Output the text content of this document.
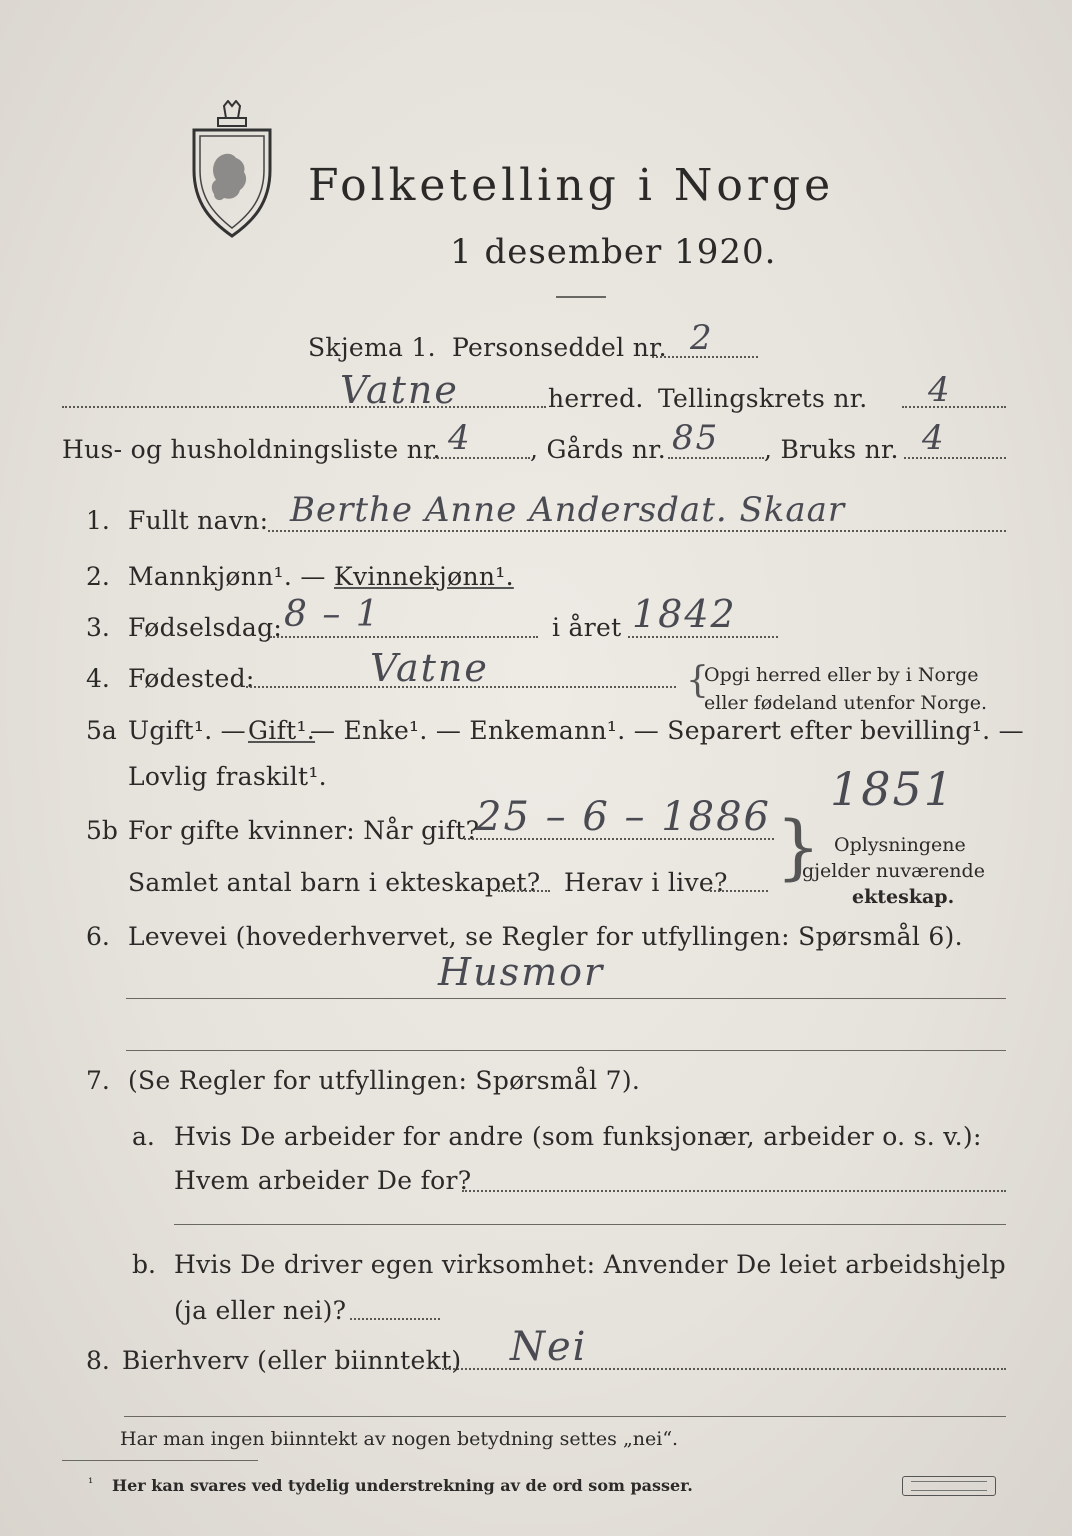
Folketelling i Norge
1 desember 1920.
Skjema 1. Personseddel nr. 2
Vatne	herred. Tellingskrets nr. 4
Hus- og husholdningsliste nr. 4 , Gårds nr. 85 , Bruks nr. 4
1. Fullt navn: Berthe Anne Andersdat. Skaar
2. Mannkjønn¹. — Kvinnekjønn¹.
3. Fødselsdag: 8 – 1	i året 1842
4. Fødested:	Vatne	{
Opgi herred eller by i Norge
eller fødeland utenfor Norge.
5a Ugift¹. — Gift¹.
— Enke¹. — Enkemann¹. — Separert efter bevilling¹. —
Lovlig fraskilt¹.
5b For gifte kvinner: Når gift?
25 – 6 – 1886
1851
Samlet antal barn i ekteskapet? Herav i live? } Oplysningene
gjelder nuværende
ekteskap.
6. Levevei (hovederhvervet, se Regler for utfyllingen: Spørsmål 6).
Husmor
7. (Se Regler for utfyllingen: Spørsmål 7).
a. Hvis De arbeider for andre (som funksjonær, arbeider o. s. v.):
Hvem arbeider De for?
b. Hvis De driver egen virksomhet: Anvender De leiet arbeidshjelp
(ja eller nei)?
8. Bierhverv (eller biinntekt) Nei
Har man ingen biinntekt av nogen betydning settes „nei“.
¹ Her kan svares ved tydelig understrekning av de ord som passer.
